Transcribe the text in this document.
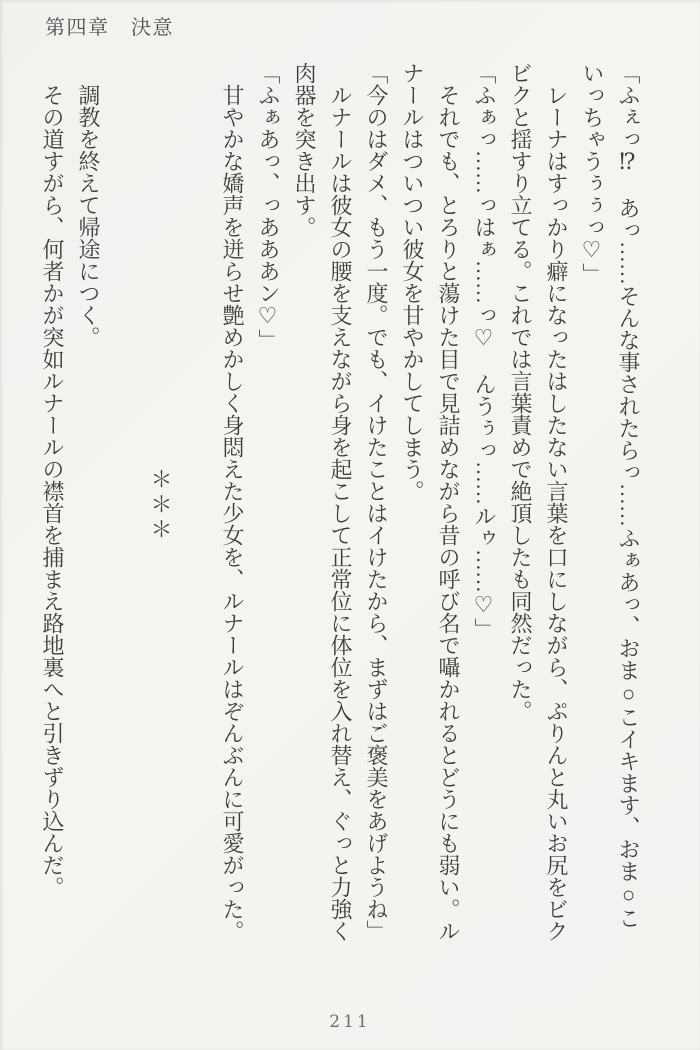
第四章　決意

「ふぇっ⁉　あっ……そんな事されたらっ……ふぁあっ、おま○こイキます、おま○こいっちゃうぅぅっ♡」

　レーナはすっかり癖になったはしたない言葉を口にしながら、ぷりんと丸いお尻をビクビクと揺すり立てる。これでは言葉責めで絶頂したも同然だった。

「ふぁっ……っはぁ……っ♡　んうぅっ……ルゥ……♡」

　それでも、とろりと蕩けた目で見詰めながら昔の呼び名で囁かれるとどうにも弱い。ルナールはついつい彼女を甘やかしてしまう。

「今のはダメ、もう一度。でも、イけたことはイけたから、まずはご褒美をあげようね」

　ルナールは彼女の腰を支えながら身を起こして正常位に体位を入れ替え、ぐっと力強く肉器を突き出す。

「ふぁあっ、っあああン♡」

　甘やかな嬌声を迸らせ艶めかしく身悶えた少女を、ルナールはぞんぶんに可愛がった。

＊＊＊

　調教を終えて帰途につく。

　その道すがら、何者かが突如ルナールの襟首を捕まえ路地裏へと引きずり込んだ。

211
